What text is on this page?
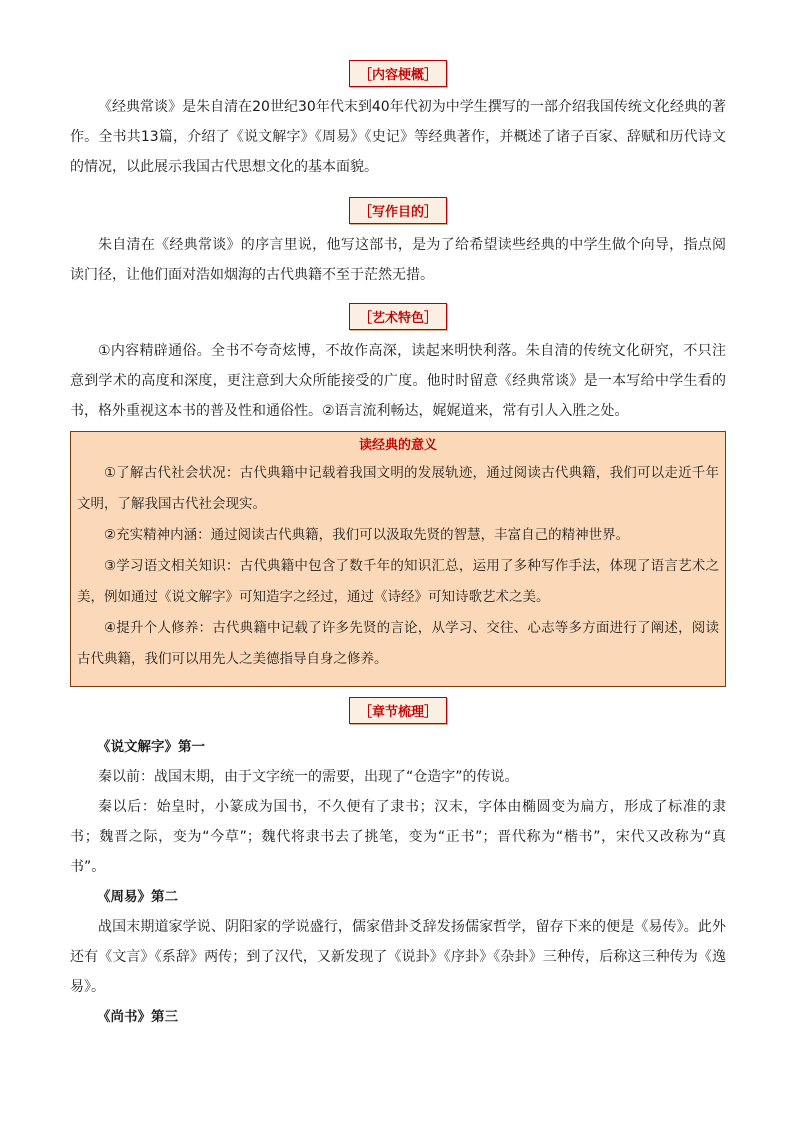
［内容梗概］

《经典常谈》是朱自清在20世纪30年代末到40年代初为中学生撰写的一部介绍我国传统文化经典的著作。全书共13篇，介绍了《说文解字》《周易》《史记》等经典著作，并概述了诸子百家、辞赋和历代诗文的情况，以此展示我国古代思想文化的基本面貌。

［写作目的］

朱自清在《经典常谈》的序言里说，他写这部书，是为了给希望读些经典的中学生做个向导，指点阅读门径，让他们面对浩如烟海的古代典籍不至于茫然无措。

［艺术特色］

①内容精辟通俗。全书不夸奇炫博，不故作高深，读起来明快利落。朱自清的传统文化研究，不只注意到学术的高度和深度，更注意到大众所能接受的广度。他时时留意《经典常谈》是一本写给中学生看的书，格外重视这本书的普及性和通俗性。②语言流利畅达，娓娓道来，常有引人入胜之处。

读经典的意义

①了解古代社会状况：古代典籍中记载着我国文明的发展轨迹，通过阅读古代典籍，我们可以走近千年文明，了解我国古代社会现实。

②充实精神内涵：通过阅读古代典籍，我们可以汲取先贤的智慧，丰富自己的精神世界。

③学习语文相关知识：古代典籍中包含了数千年的知识汇总，运用了多种写作手法，体现了语言艺术之美，例如通过《说文解字》可知造字之经过，通过《诗经》可知诗歌艺术之美。

④提升个人修养：古代典籍中记载了许多先贤的言论，从学习、交往、心志等多方面进行了阐述，阅读古代典籍，我们可以用先人之美德指导自身之修养。

［章节梳理］

《说文解字》第一

秦以前：战国末期，由于文字统一的需要，出现了“仓造字”的传说。

秦以后：始皇时，小篆成为国书，不久便有了隶书；汉末，字体由椭圆变为扁方，形成了标准的隶书；魏晋之际，变为“今草”；魏代将隶书去了挑笔，变为“正书”；晋代称为“楷书”，宋代又改称为“真书”。

《周易》第二

战国末期道家学说、阴阳家的学说盛行，儒家借卦爻辞发扬儒家哲学，留存下来的便是《易传》。此外还有《文言》《系辞》两传；到了汉代，又新发现了《说卦》《序卦》《杂卦》三种传，后称这三种传为《逸易》。

《尚书》第三
